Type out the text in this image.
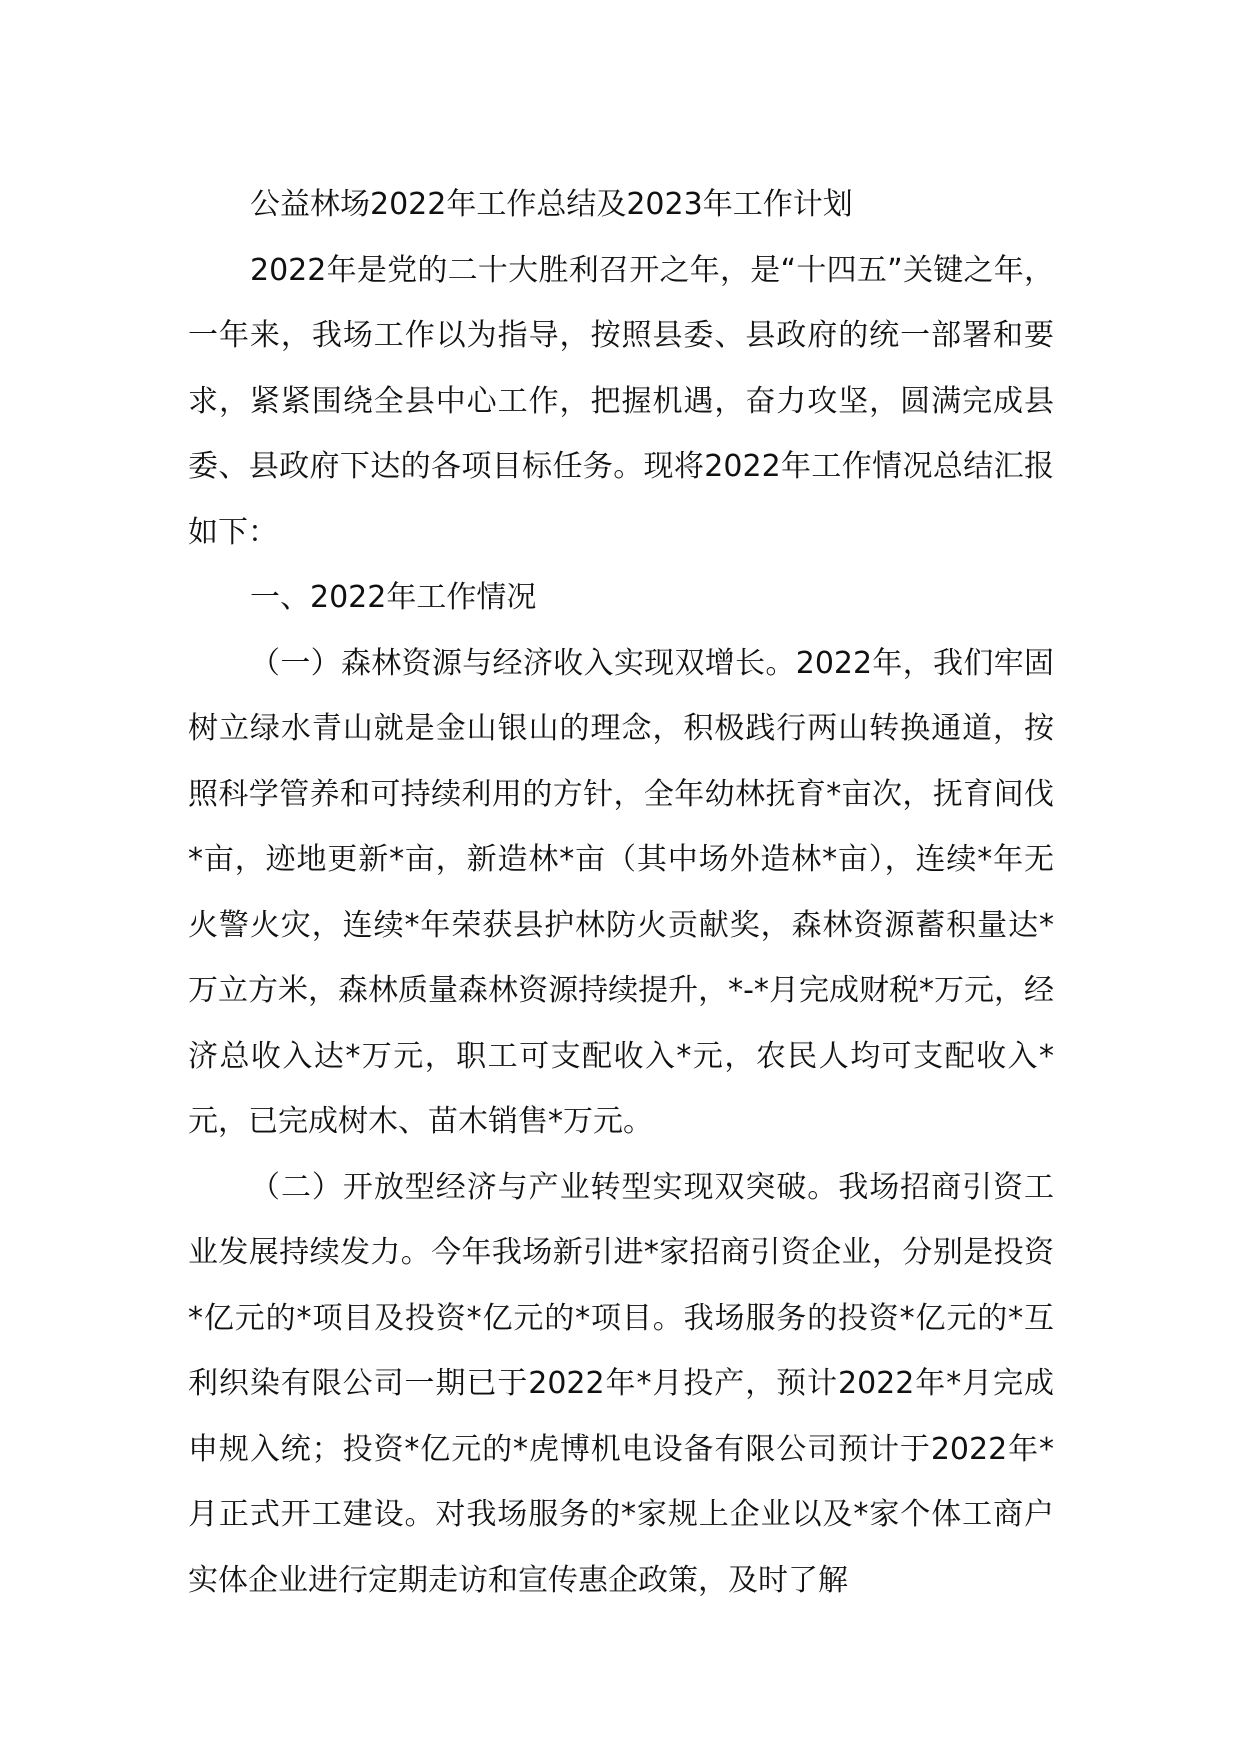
公益林场2022年工作总结及2023年工作计划

2022年是党的二十大胜利召开之年，是“十四五”关键之年，一年来，我场工作以为指导，按照县委、县政府的统一部署和要求，紧紧围绕全县中心工作，把握机遇，奋力攻坚，圆满完成县委、县政府下达的各项目标任务。现将2022年工作情况总结汇报如下：

一、2022年工作情况

（一）森林资源与经济收入实现双增长。2022年，我们牢固树立绿水青山就是金山银山的理念，积极践行两山转换通道，按照科学管养和可持续利用的方针，全年幼林抚育*亩次，抚育间伐*亩，迹地更新*亩，新造林*亩（其中场外造林*亩），连续*年无火警火灾，连续*年荣获县护林防火贡献奖，森林资源蓄积量达*万立方米，森林质量森林资源持续提升，*-*月完成财税*万元，经济总收入达*万元，职工可支配收入*元，农民人均可支配收入*元，已完成树木、苗木销售*万元。

（二）开放型经济与产业转型实现双突破。我场招商引资工业发展持续发力。今年我场新引进*家招商引资企业，分别是投资*亿元的*项目及投资*亿元的*项目。我场服务的投资*亿元的*互利织染有限公司一期已于2022年*月投产，预计2022年*月完成申规入统；投资*亿元的*虎博机电设备有限公司预计于2022年*月正式开工建设。对我场服务的*家规上企业以及*家个体工商户实体企业进行定期走访和宣传惠企政策，及时了解
